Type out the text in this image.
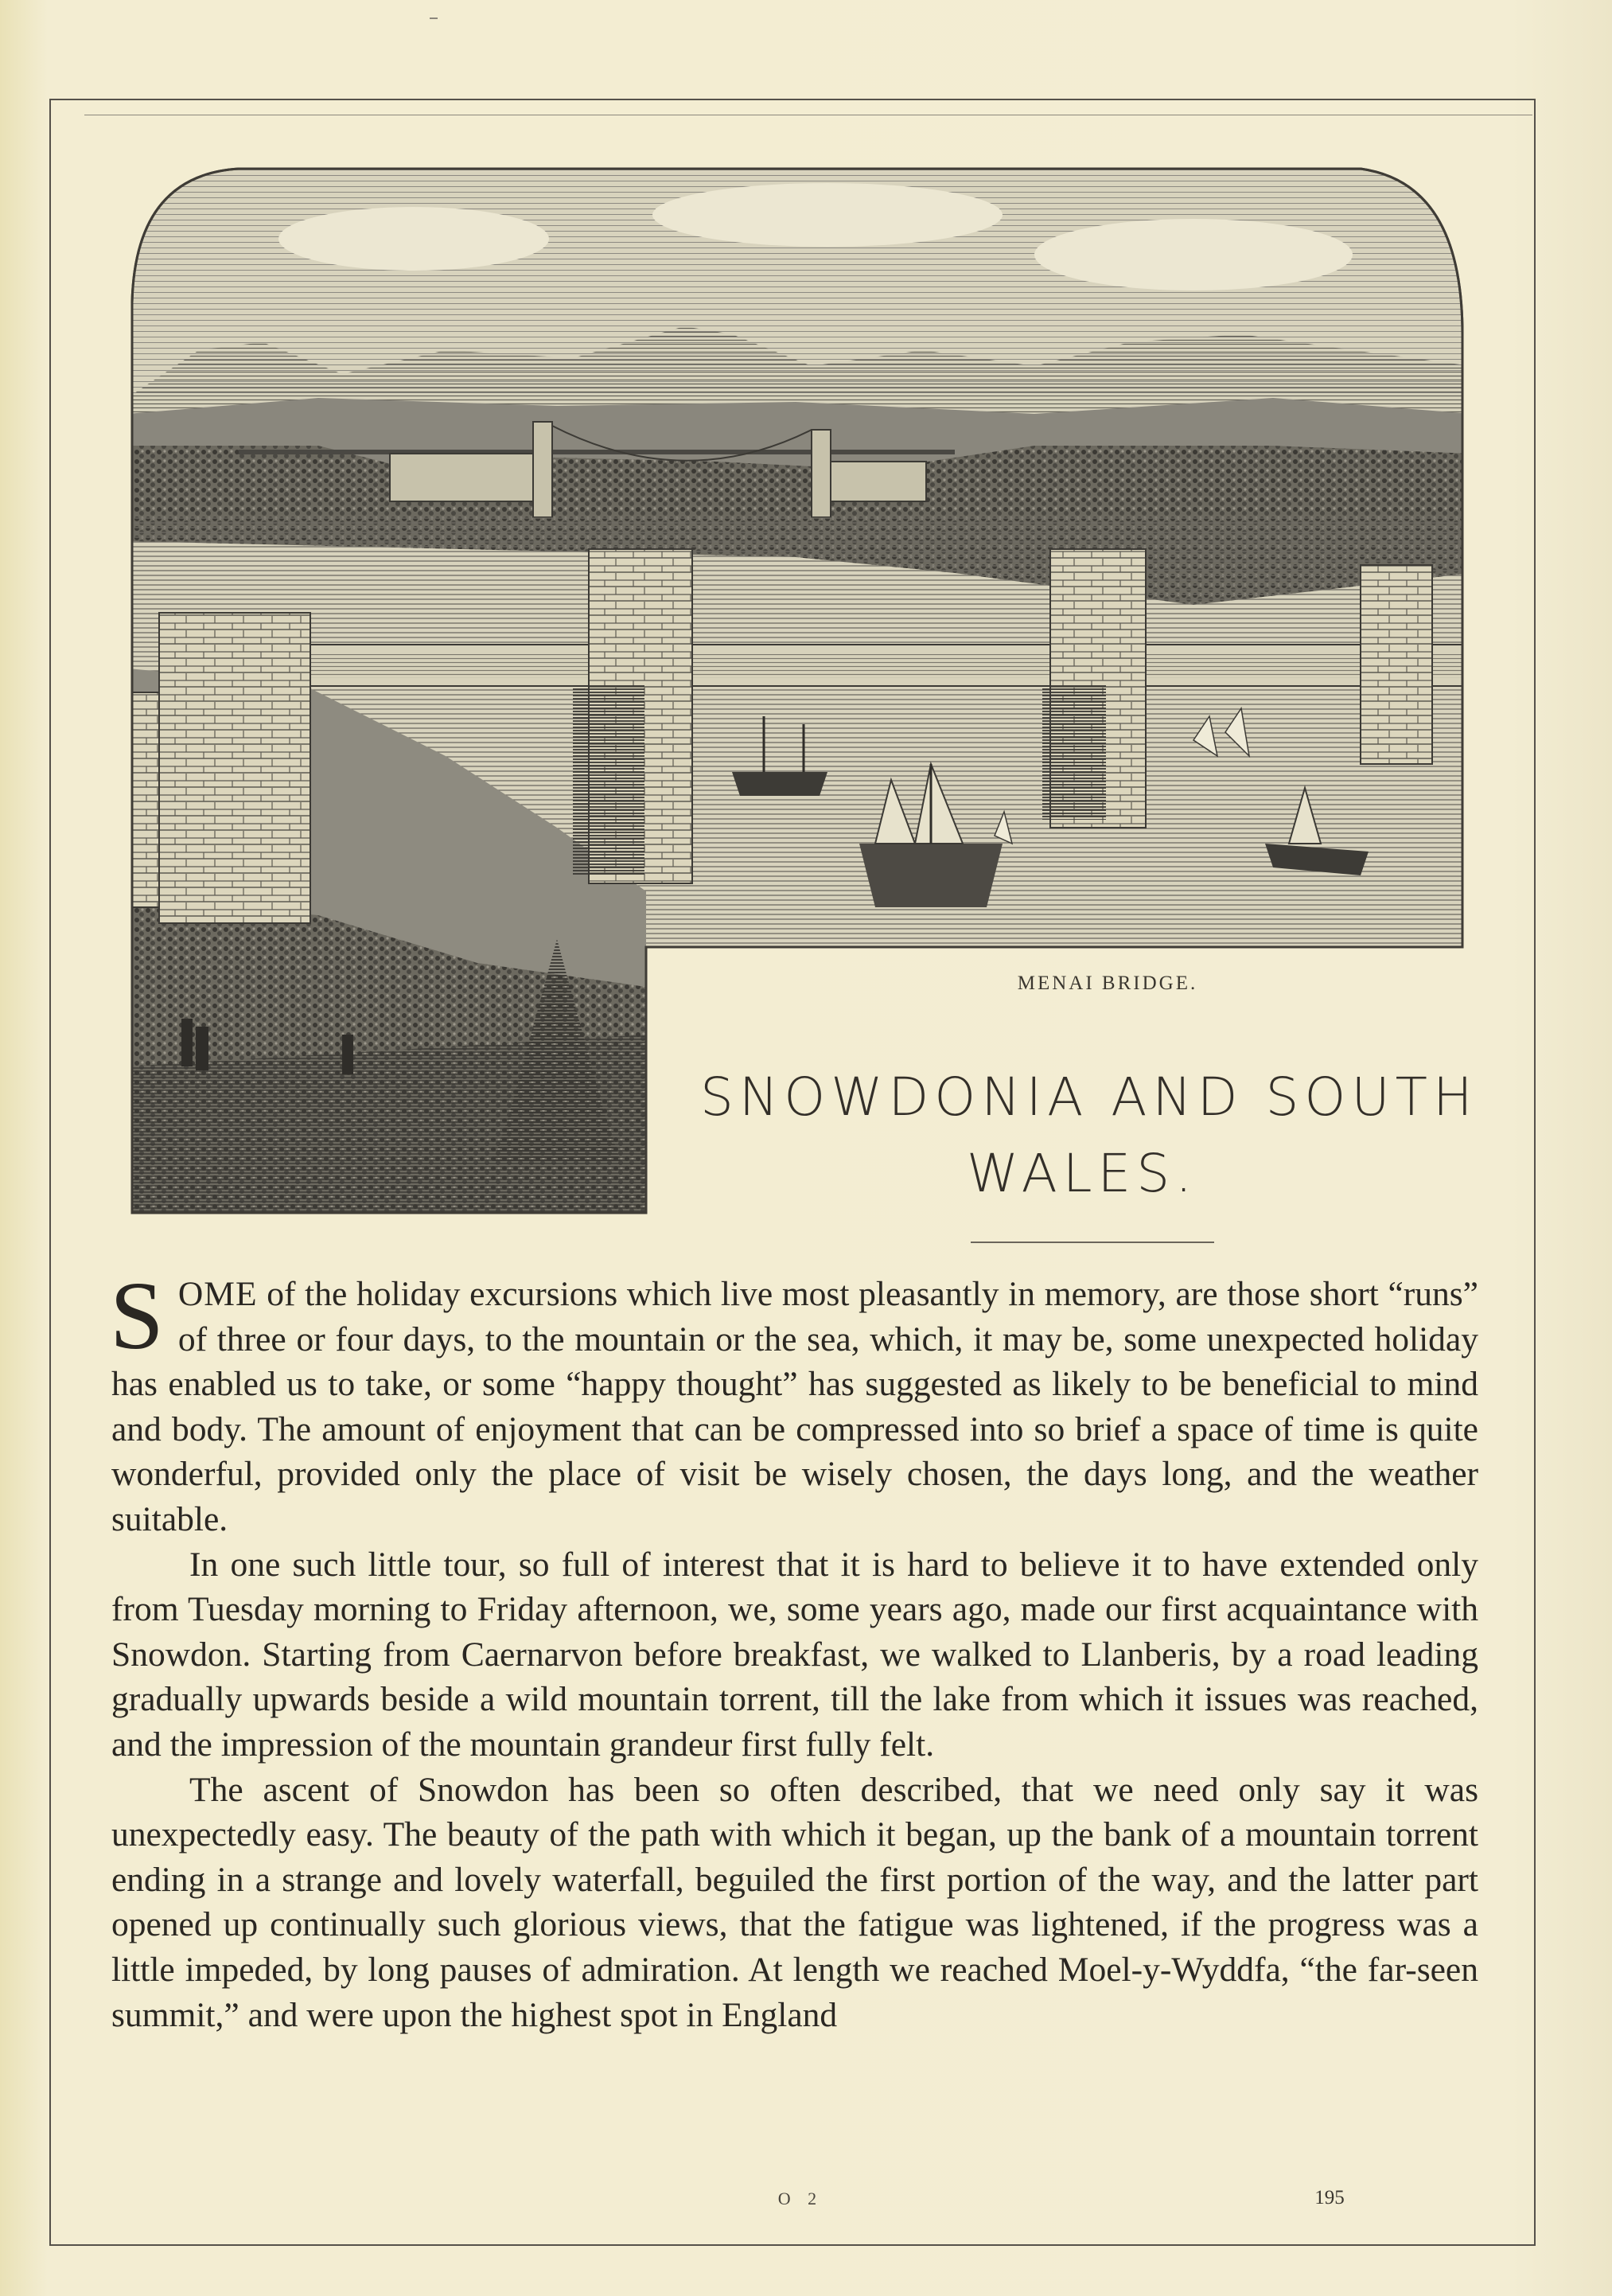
MENAI BRIDGE.
SNOWDONIA AND SOUTH
WALES.

SOME of the holiday excursions which live most pleasantly in memory, are those short “runs” of three or four days, to the mountain or the sea, which, it may be, some unexpected holiday has enabled us to take, or some “happy thought” has suggested as likely to be beneficial to mind and body. The amount of enjoyment that can be compressed into so brief a space of time is quite wonderful, provided only the place of visit be wisely chosen, the days long, and the weather suitable.

In one such little tour, so full of interest that it is hard to believe it to have extended only from Tuesday morning to Friday afternoon, we, some years ago, made our first acquaintance with Snowdon. Starting from Caernarvon before breakfast, we walked to Llanberis, by a road leading gradually upwards beside a wild mountain torrent, till the lake from which it issues was reached, and the impression of the mountain grandeur first fully felt.

The ascent of Snowdon has been so often described, that we need only say it was unexpectedly easy. The beauty of the path with which it began, up the bank of a mountain torrent ending in a strange and lovely waterfall, beguiled the first portion of the way, and the latter part opened up continually such glorious views, that the fatigue was lightened, if the progress was a little impeded, by long pauses of admiration. At length we reached Moel-y-Wyddfa, “the far-seen summit,” and were upon the highest spot in England

O 2	195
